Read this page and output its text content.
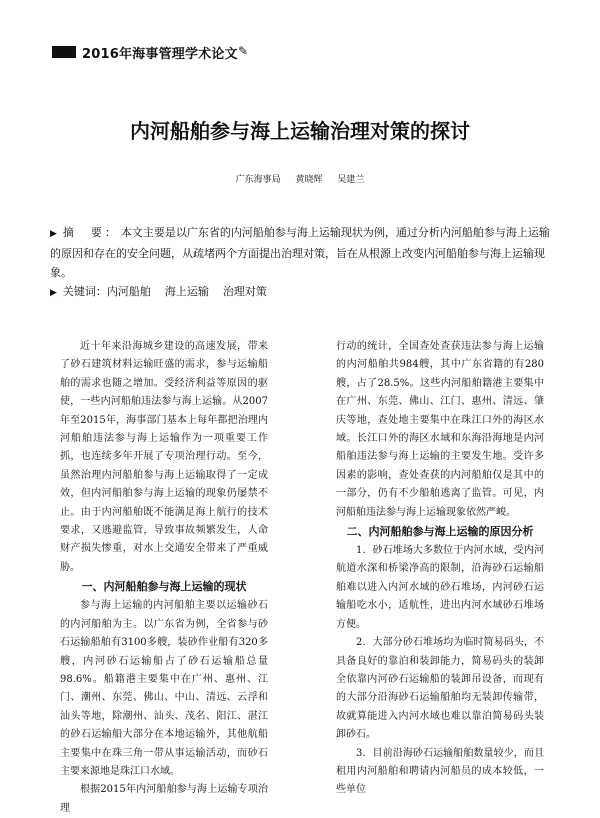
2016年海事管理学术论文 ✎
内河船舶参与海上运输治理对策的探讨
广东海事局 黄晓辉 吴建兰

▶ 摘　要： 本文主要是以广东省的内河船舶参与海上运输现状为例，通过分析内河船舶参与海上运输的原因和存在的安全问题，从疏堵两个方面提出治理对策，旨在从根源上改变内河船舶参与海上运输现象。

▶ 关键词：内河船舶 海上运输 治理对策

近十年来沿海城乡建设的高速发展，带来了砂石建筑材料运输旺盛的需求，参与运输船舶的需求也随之增加。受经济利益等原因的驱使，一些内河船舶违法参与海上运输。从2007年至2015年，海事部门基本上每年都把治理内河船舶违法参与海上运输作为一项重要工作抓，也连续多年开展了专项治理行动。至今，虽然治理内河船舶参与海上运输取得了一定成效，但内河船舶参与海上运输的现象仍屡禁不止。由于内河船舶既不能满足海上航行的技术要求，又逃避监管，导致事故频繁发生，人命财产损失惨重，对水上交通安全带来了严重威胁。

一、内河船舶参与海上运输的现状

参与海上运输的内河船舶主要以运输砂石的内河船舶为主。以广东省为例，全省参与砂石运输船舶有3100多艘，装砂作业船有320多艘，内河砂石运输船占了砂石运输船总量98.6%。船籍港主要集中在广州、惠州、江门、潮州、东莞、佛山、中山、清远、云浮和汕头等地，除潮州、汕头、茂名、阳江、湛江的砂石运输船大部分在本地运输外，其他航船主要集中在珠三角一带从事运输活动，而砂石主要来源地是珠江口水域。

根据2015年内河船舶参与海上运输专项治理

行动的统计，全国查处查获违法参与海上运输的内河船舶共984艘，其中广东省籍的有280艘，占了28.5%。这些内河船舶籍港主要集中在广州、东莞、佛山、江门、惠州、清远、肇庆等地，查处地主要集中在珠江口外的海区水域。长江口外的海区水域和东海沿海地是内河船舶违法参与海上运输的主要发生地。受许多因素的影响，查处查获的内河船舶仅是其中的一部分，仍有不少船舶逃离了监管。可见，内河船舶违法参与海上运输现象依然严峻。

二、内河船舶参与海上运输的原因分析

1．砂石堆场大多数位于内河水域，受内河航道水深和桥梁净高的限制，沿海砂石运输船舶难以进入内河水域的砂石堆场，内河砂石运输船吃水小，适航性，进出内河水域砂石堆场方便。

2．大部分砂石堆场均为临时简易码头，不具备良好的靠泊和装卸能力，简易码头的装卸全依靠内河砂石运输船的装卸吊设备，而现有的大部分沿海砂石运输船舶均无装卸传输带，故就算能进入内河水域也难以靠泊简易码头装卸砂石。

3．目前沿海砂石运输船舶数量较少，而且租用内河船舶和聘请内河船员的成本较低，一些单位
